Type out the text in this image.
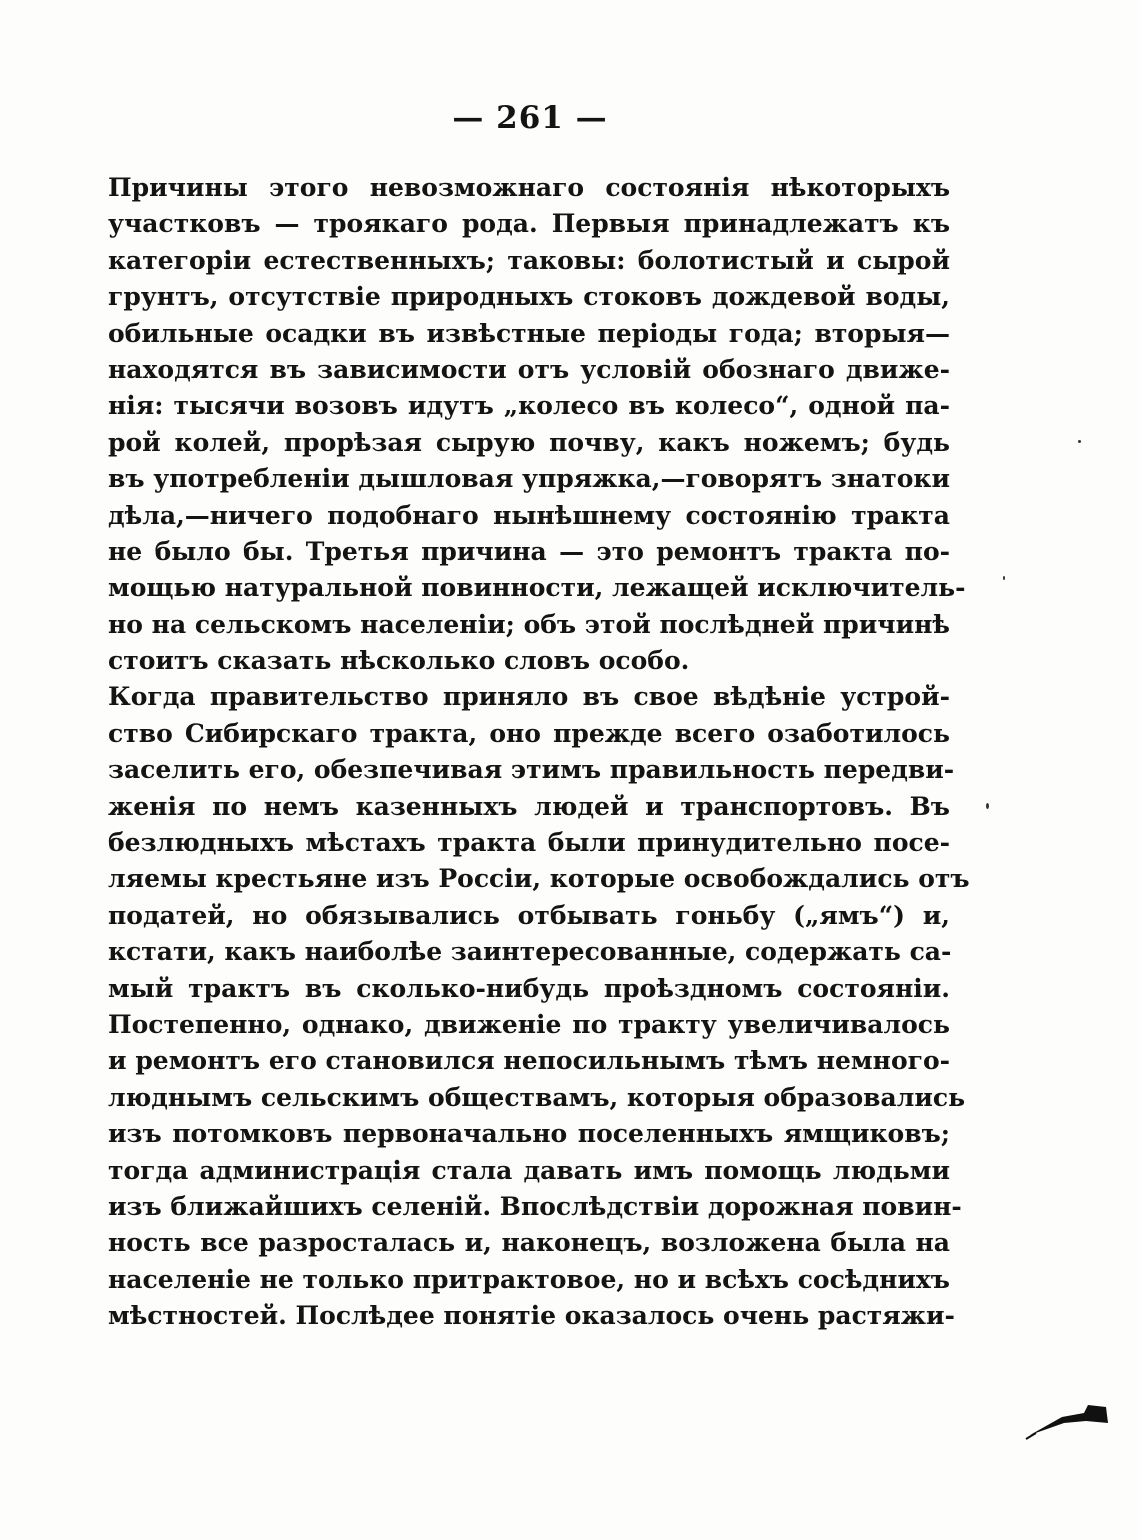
— 261 —
Причины этого невозможнаго состоянія нѣкоторыхъ
участковъ — троякаго рода. Первыя принадлежатъ къ
категоріи естественныхъ; таковы: болотистый и сырой
грунтъ, отсутствіе природныхъ стоковъ дождевой воды,
обильные осадки въ извѣстные періоды года; вторыя—
находятся въ зависимости отъ условій обознаго движе-
нія: тысячи возовъ идутъ „колесо въ колесо“, одной па-
рой колей, прорѣзая сырую почву, какъ ножемъ; будь
въ употребленіи дышловая упряжка,—говорятъ знатоки
дѣла,—ничего подобнаго нынѣшнему состоянію тракта
не было бы. Третья причина — это ремонтъ тракта по-
мощью натуральной повинности, лежащей исключитель-
но на сельскомъ населеніи; объ этой послѣдней причинѣ
стоитъ сказать нѣсколько словъ особо.
Когда правительство приняло въ свое вѣдѣніе устрой-
ство Сибирскаго тракта, оно прежде всего озаботилось
заселить его, обезпечивая этимъ правильность передви-
женія по немъ казенныхъ людей и транспортовъ. Въ
безлюдныхъ мѣстахъ тракта были принудительно посе-
ляемы крестьяне изъ Россіи, которые освобождались отъ
податей, но обязывались отбывать гоньбу („ямъ“) и,
кстати, какъ наиболѣе заинтересованные, содержать са-
мый трактъ въ сколько-нибудь проѣздномъ состояніи.
Постепенно, однако, движеніе по тракту увеличивалось
и ремонтъ его становился непосильнымъ тѣмъ немного-
люднымъ сельскимъ обществамъ, которыя образовались
изъ потомковъ первоначально поселенныхъ ямщиковъ;
тогда администрація стала давать имъ помощь людьми
изъ ближайшихъ селеній. Впослѣдствіи дорожная повин-
ность все разросталась и, наконецъ, возложена была на
населеніе не только притрактовое, но и всѣхъ сосѣднихъ
мѣстностей. Послѣдее понятіе оказалось очень растяжи-
